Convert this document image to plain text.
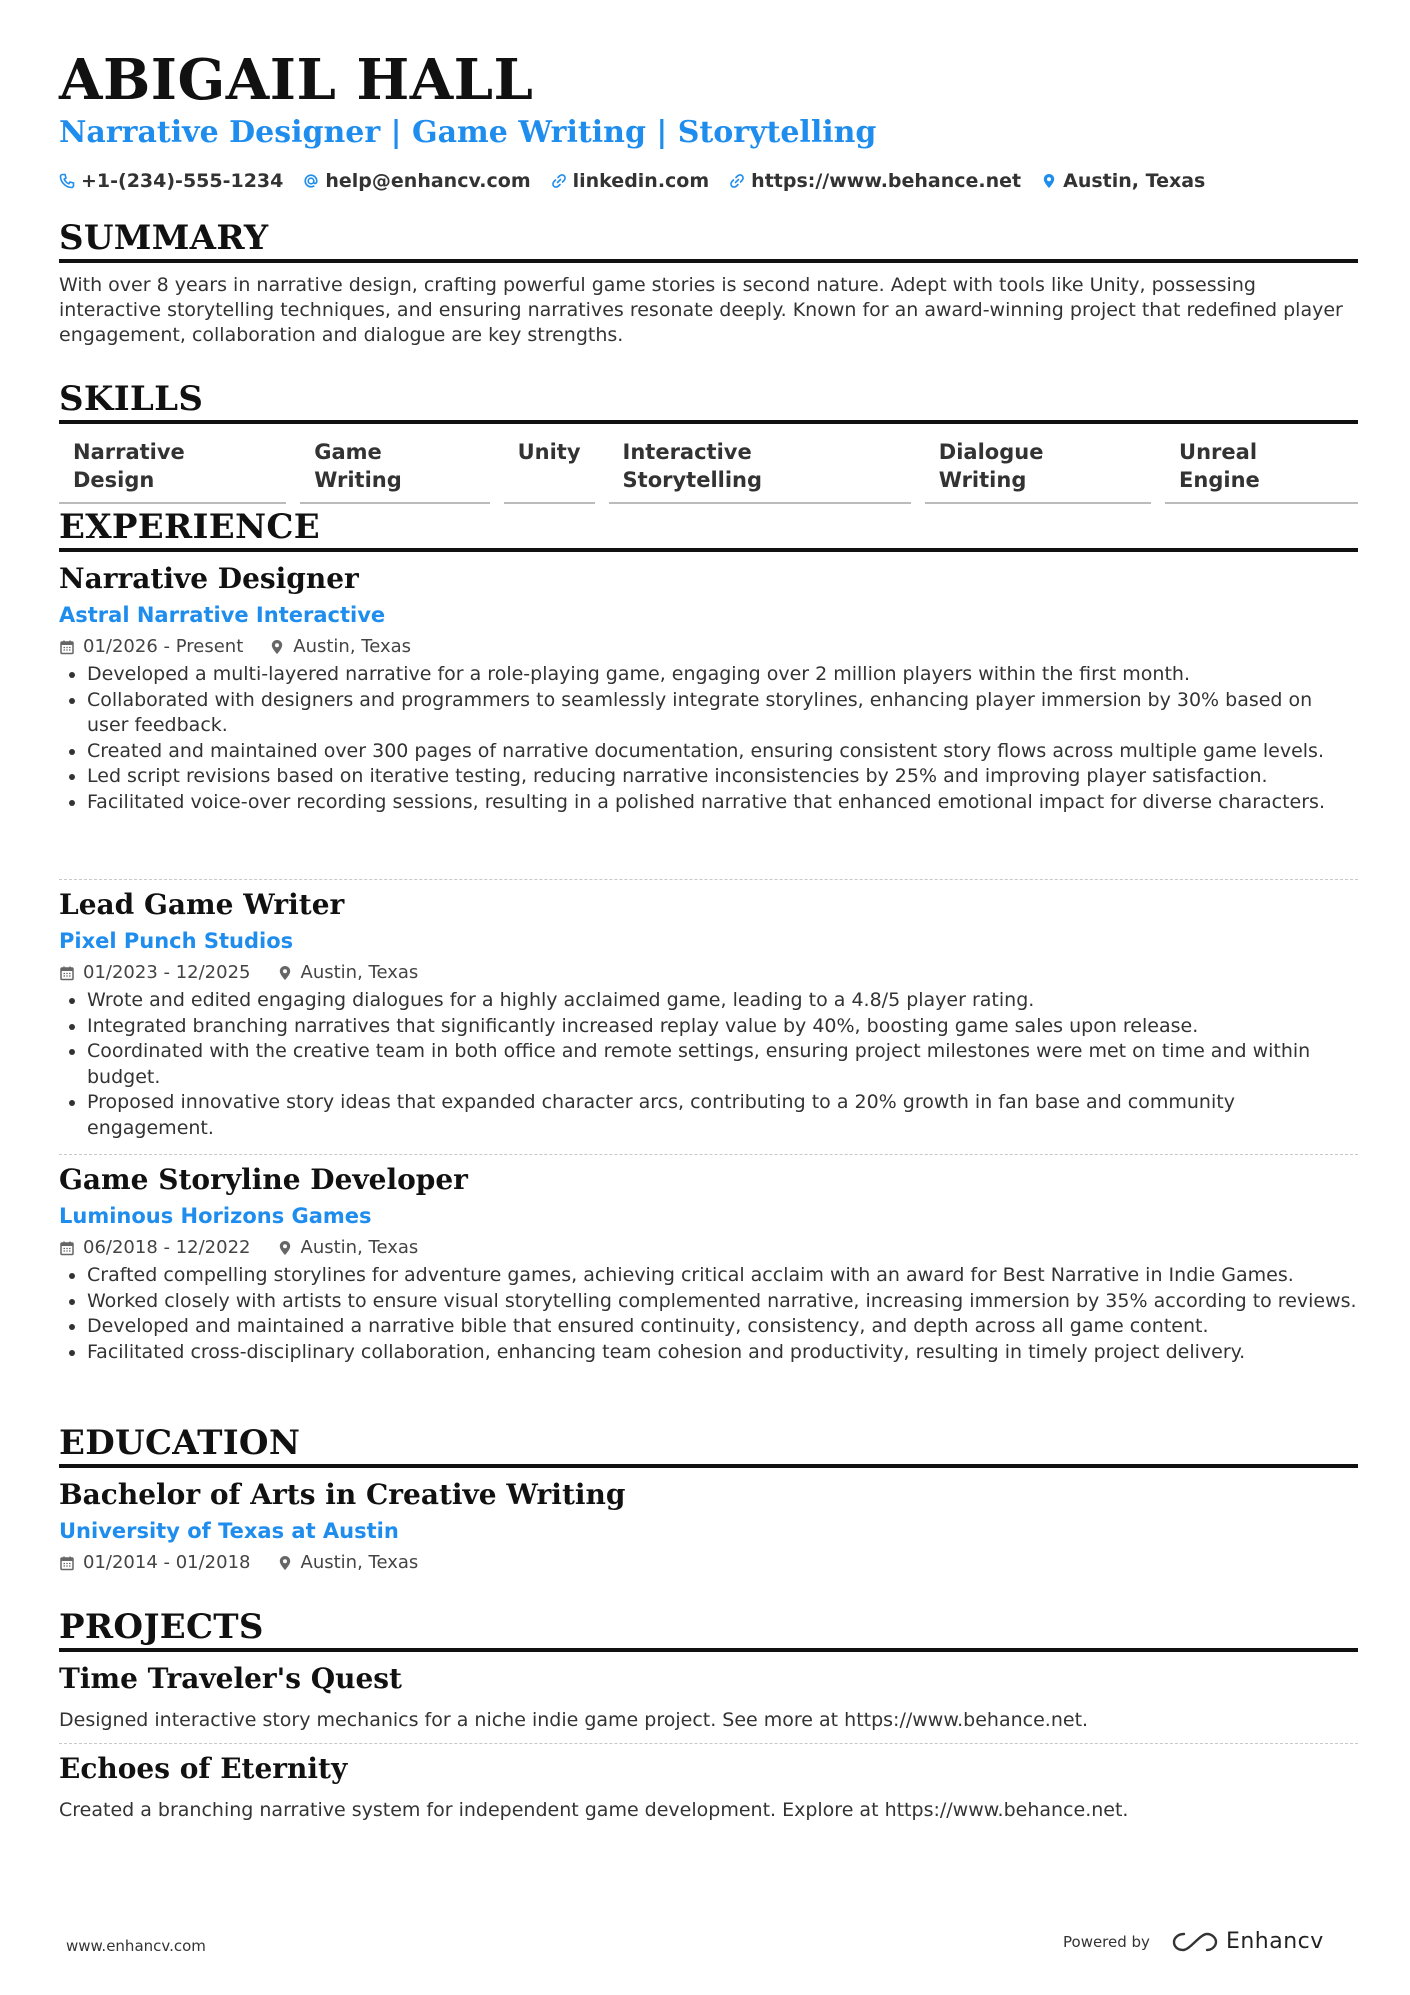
ABIGAIL HALL
Narrative Designer | Game Writing | Storytelling
+1-(234)-555-1234 help@enhancv.com linkedin.com https://www.behance.net Austin, Texas
SUMMARY

With over 8 years in narrative design, crafting powerful game stories is second nature. Adept with tools like Unity, possessing interactive storytelling techniques, and ensuring narratives resonate deeply. Known for an award-winning project that redefined player engagement, collaboration and dialogue are key strengths.

SKILLS
Narrative Design
Game Writing
Unity	Interactive Storytelling
Dialogue Writing
Unreal Engine
EXPERIENCE
Narrative Designer
Astral Narrative Interactive
01/2026 - Present	Austin, Texas
• Developed a multi-layered narrative for a role-playing game, engaging over 2 million players within the first month.
• Collaborated with designers and programmers to seamlessly integrate storylines, enhancing player immersion by 30% based on user feedback.
• Created and maintained over 300 pages of narrative documentation, ensuring consistent story flows across multiple game levels.
• Led script revisions based on iterative testing, reducing narrative inconsistencies by 25% and improving player satisfaction.
• Facilitated voice-over recording sessions, resulting in a polished narrative that enhanced emotional impact for diverse characters.
Lead Game Writer
Pixel Punch Studios
01/2023 - 12/2025	Austin, Texas
• Wrote and edited engaging dialogues for a highly acclaimed game, leading to a 4.8/5 player rating.
• Integrated branching narratives that significantly increased replay value by 40%, boosting game sales upon release.
• Coordinated with the creative team in both office and remote settings, ensuring project milestones were met on time and within budget.
• Proposed innovative story ideas that expanded character arcs, contributing to a 20% growth in fan base and community engagement.
Game Storyline Developer
Luminous Horizons Games
06/2018 - 12/2022	Austin, Texas
• Crafted compelling storylines for adventure games, achieving critical acclaim with an award for Best Narrative in Indie Games.
• Worked closely with artists to ensure visual storytelling complemented narrative, increasing immersion by 35% according to reviews.
• Developed and maintained a narrative bible that ensured continuity, consistency, and depth across all game content.
• Facilitated cross-disciplinary collaboration, enhancing team cohesion and productivity, resulting in timely project delivery.
EDUCATION
Bachelor of Arts in Creative Writing
University of Texas at Austin
01/2014 - 01/2018	Austin, Texas
PROJECTS
Time Traveler's Quest
Designed interactive story mechanics for a niche indie game project. See more at https://www.behance.net.
Echoes of Eternity
Created a branching narrative system for independent game development. Explore at https://www.behance.net.
www.enhancv.com	Powered by	Enhancv
